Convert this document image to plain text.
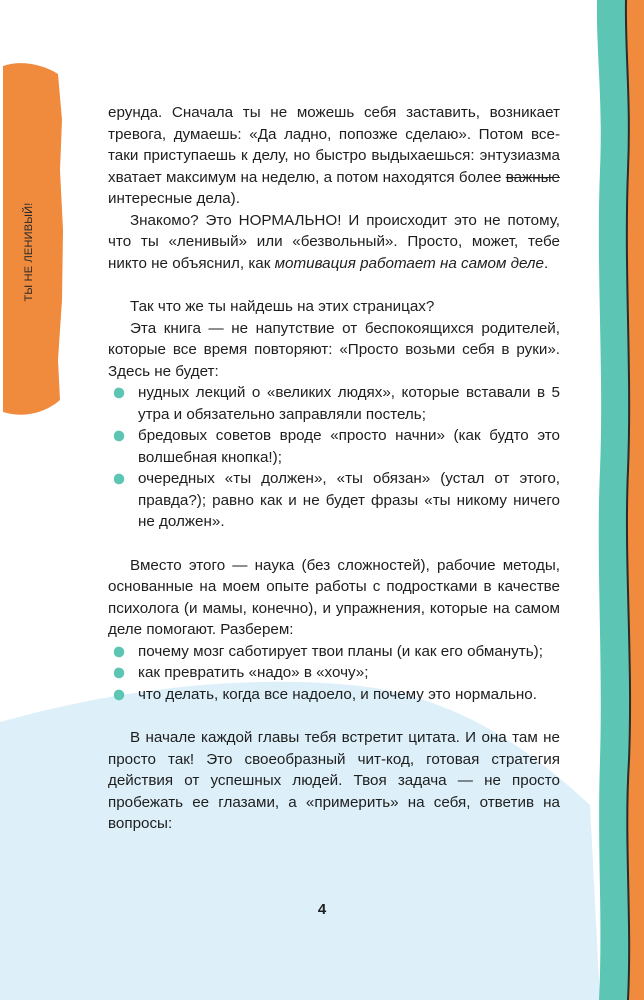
ТЫ НЕ ЛЕНИВЫЙ!

ерунда. Сначала ты не можешь себя заставить, возникает тревога, думаешь: «Да ладно, попозже сделаю». Потом все-таки приступаешь к делу, но быстро выдыхаешься: энтузиазма хватает максимум на неделю, а потом находятся более важные интересные дела).

Знакомо? Это НОРМАЛЬНО! И происходит это не потому, что ты «ленивый» или «безвольный». Просто, может, тебе никто не объяснил, как мотивация работает на самом деле.

Так что же ты найдешь на этих страницах?

Эта книга — не напутствие от беспокоящихся родителей, которые все время повторяют: «Просто возьми себя в руки». Здесь не будет:

нудных лекций о «великих людях», которые вставали в 5 утра и обязательно заправляли постель;
бредовых советов вроде «просто начни» (как будто это волшебная кнопка!);
очередных «ты должен», «ты обязан» (устал от этого, правда?); равно как и не будет фразы «ты никому ничего не должен».

Вместо этого — наука (без сложностей), рабочие методы, основанные на моем опыте работы с подростками в качестве психолога (и мамы, конечно), и упражнения, которые на самом деле помогают. Разберем:

почему мозг саботирует твои планы (и как его обмануть);
как превратить «надо» в «хочу»;
что делать, когда все надоело, и почему это нормально.

В начале каждой главы тебя встретит цитата. И она там не просто так! Это своеобразный чит-код, готовая стратегия действия от успешных людей. Твоя задача — не просто пробежать ее глазами, а «примерить» на себя, ответив на вопросы:

4
